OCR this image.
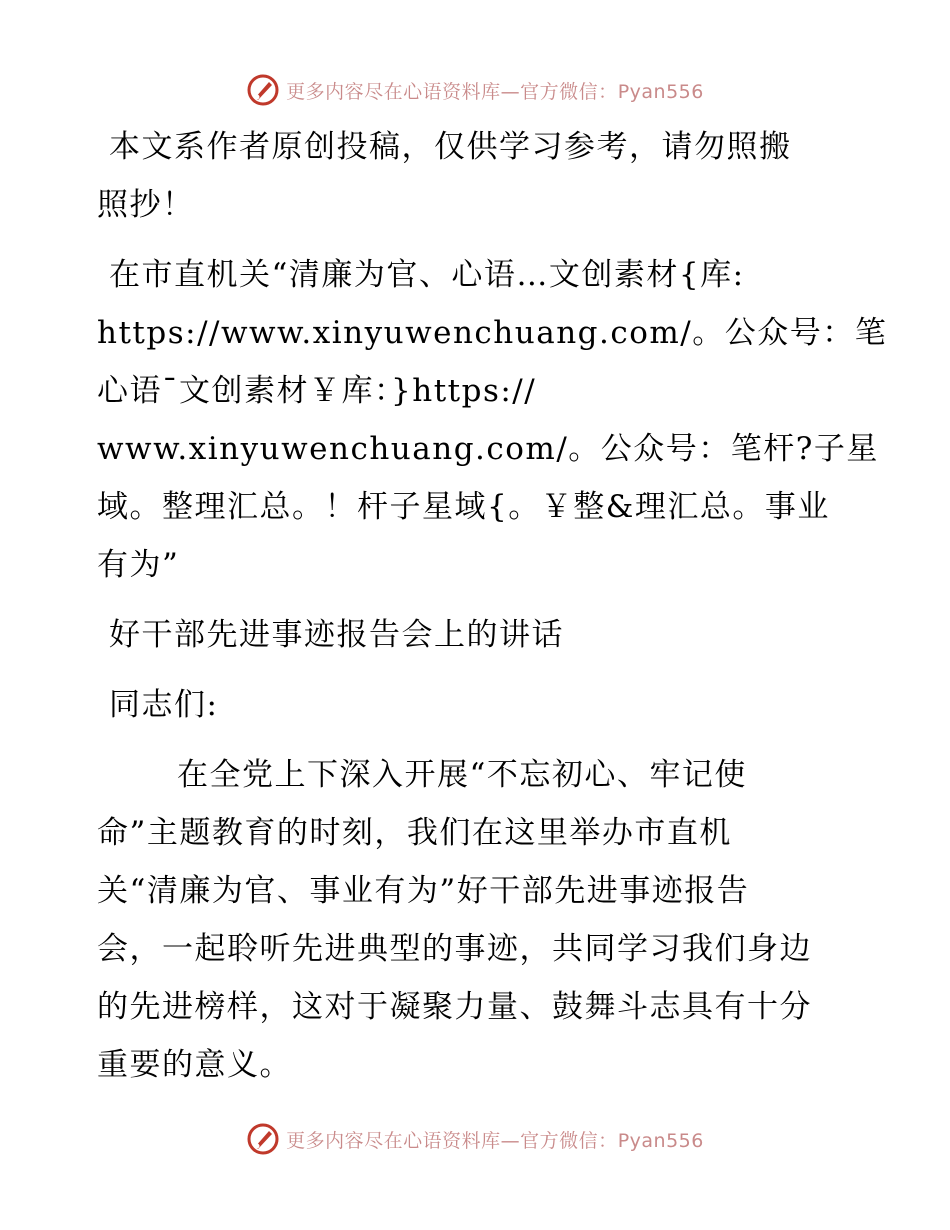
更多内容尽在心语资料库—官方微信：Pyan556
本文系作者原创投稿，仅供学习参考，请勿照搬
照抄！
在市直机关“清廉为官、心语…文创素材{库:
https://www.xinyuwenchuang.com/。公众号：笔
心语¯文创素材￥库：}https://
www.xinyuwenchuang.com/。公众号：笔杆?子星
域。整理汇总。！杆子星域{。￥整&理汇总。事业
有为”
好干部先进事迹报告会上的讲话
同志们:
在全党上下深入开展“不忘初心、牢记使
命”主题教育的时刻，我们在这里举办市直机
关“清廉为官、事业有为”好干部先进事迹报告
会，一起聆听先进典型的事迹，共同学习我们身边
的先进榜样，这对于凝聚力量、鼓舞斗志具有十分
重要的意义。
更多内容尽在心语资料库—官方微信：Pyan556
